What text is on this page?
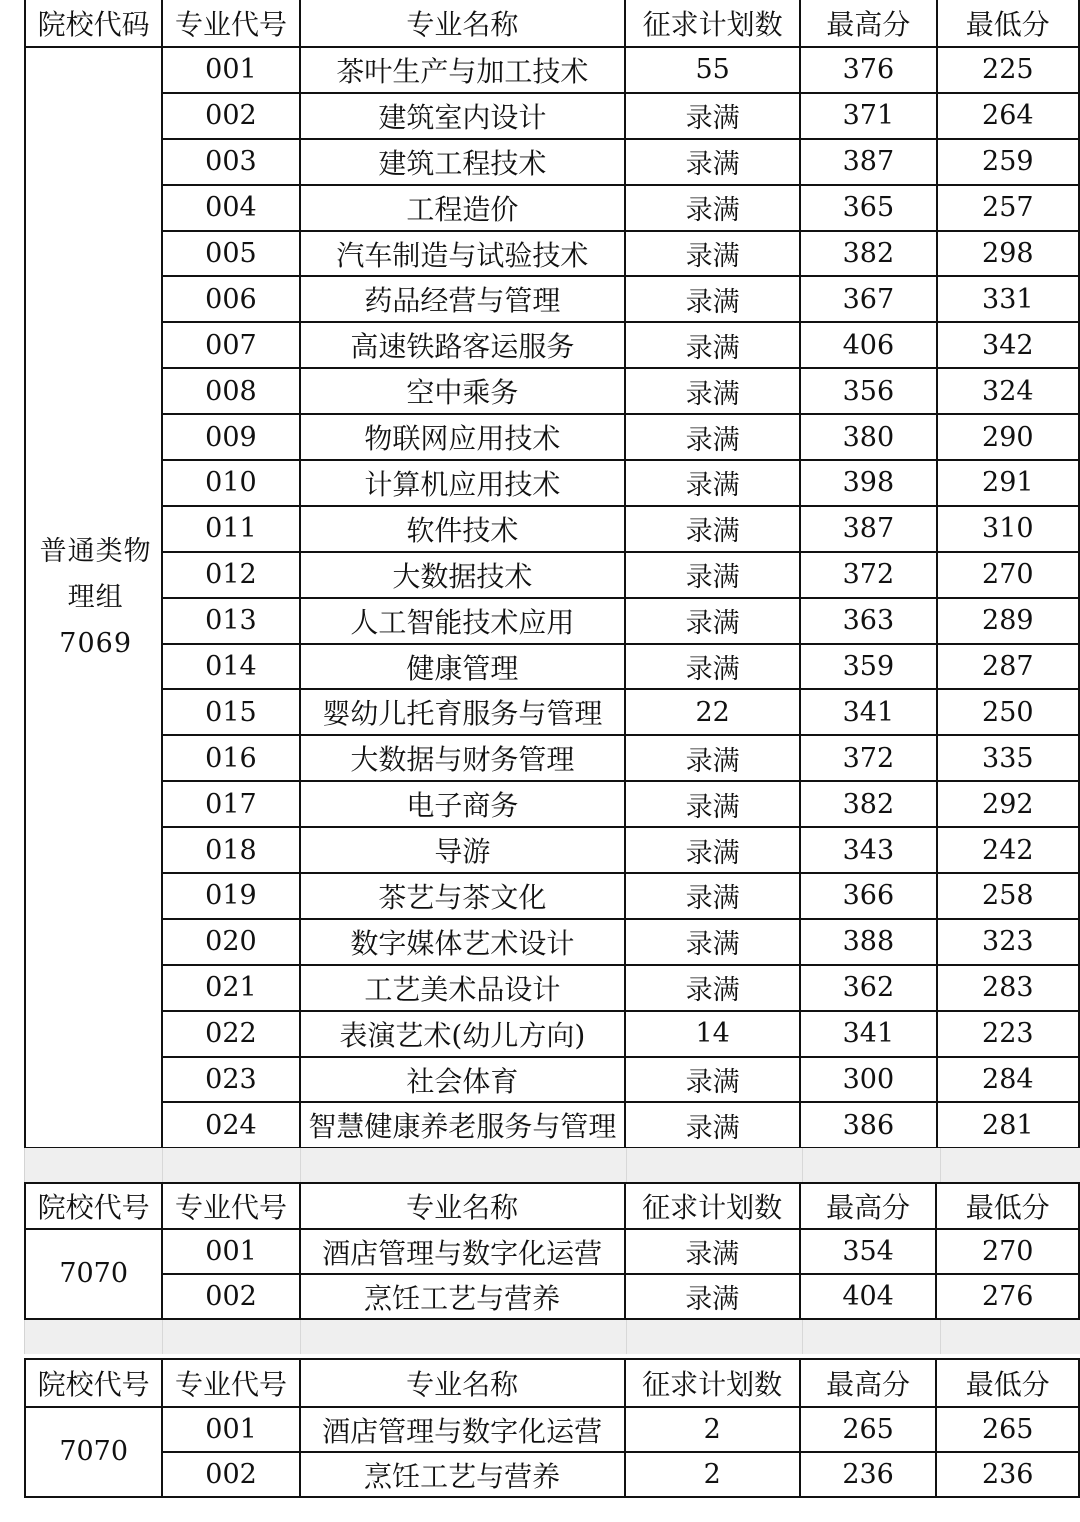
院校代码	专业代号	专业名称	征求计划数	最高分	最低分
普通类物理组 7069	001	茶叶生产与加工技术	55	376	225
	002	建筑室内设计	录满	371	264
	003	建筑工程技术	录满	387	259
	004	工程造价	录满	365	257
	005	汽车制造与试验技术	录满	382	298
	006	药品经营与管理	录满	367	331
	007	高速铁路客运服务	录满	406	342
	008	空中乘务	录满	356	324
	009	物联网应用技术	录满	380	290
	010	计算机应用技术	录满	398	291
	011	软件技术	录满	387	310
	012	大数据技术	录满	372	270
	013	人工智能技术应用	录满	363	289
	014	健康管理	录满	359	287
	015	婴幼儿托育服务与管理	22	341	250
	016	大数据与财务管理	录满	372	335
	017	电子商务	录满	382	292
	018	导游	录满	343	242
	019	茶艺与茶文化	录满	366	258
	020	数字媒体艺术设计	录满	388	323
	021	工艺美术品设计	录满	362	283
	022	表演艺术(幼儿方向)	14	341	223
	023	社会体育	录满	300	284
	024	智慧健康养老服务与管理	录满	386	281
院校代号	专业代号	专业名称	征求计划数	最高分	最低分
7070	001	酒店管理与数字化运营	录满	354	270
	002	烹饪工艺与营养	录满	404	276
院校代号	专业代号	专业名称	征求计划数	最高分	最低分
7070	001	酒店管理与数字化运营	2	265	265
	002	烹饪工艺与营养	2	236	236
